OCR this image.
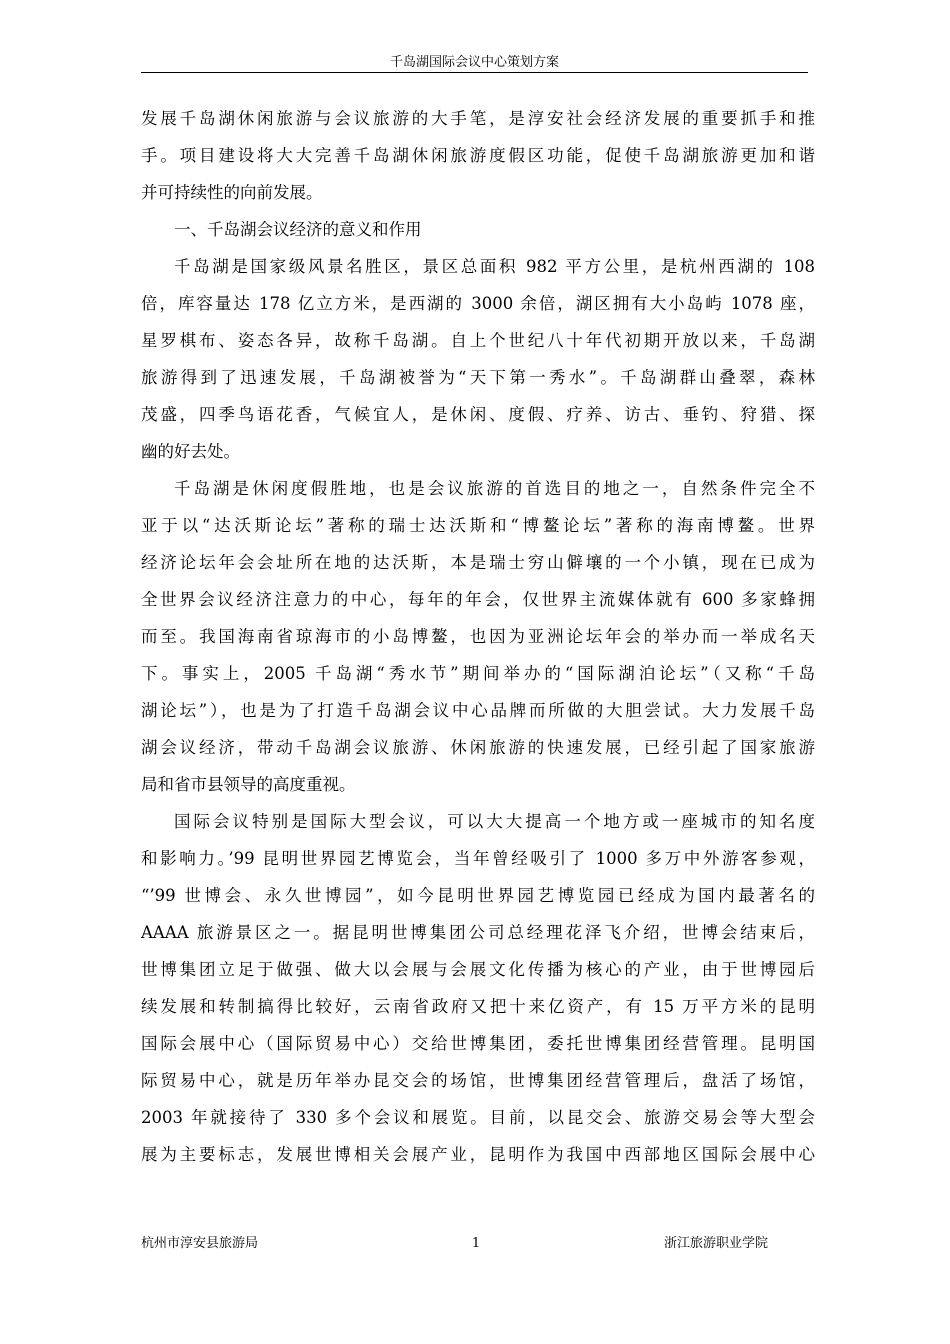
千岛湖国际会议中心策划方案
发展千岛湖休闲旅游与会议旅游的大手笔，是淳安社会经济发展的重要抓手和推
手。项目建设将大大完善千岛湖休闲旅游度假区功能，促使千岛湖旅游更加和谐
并可持续性的向前发展。
一、千岛湖会议经济的意义和作用
千岛湖是国家级风景名胜区，景区总面积 982 平方公里，是杭州西湖的 108
倍，库容量达 178 亿立方米，是西湖的 3000 余倍，湖区拥有大小岛屿 1078 座，
星罗棋布、姿态各异，故称千岛湖。自上个世纪八十年代初期开放以来，千岛湖
旅游得到了迅速发展，千岛湖被誉为“天下第一秀水”。千岛湖群山叠翠，森林
茂盛，四季鸟语花香，气候宜人，是休闲、度假、疗养、访古、垂钓、狩猎、探
幽的好去处。
千岛湖是休闲度假胜地，也是会议旅游的首选目的地之一，自然条件完全不
亚于以“达沃斯论坛”著称的瑞士达沃斯和“博鳌论坛”著称的海南博鳌。世界
经济论坛年会会址所在地的达沃斯，本是瑞士穷山僻壤的一个小镇，现在已成为
全世界会议经济注意力的中心，每年的年会，仅世界主流媒体就有 600 多家蜂拥
而至。我国海南省琼海市的小岛博鳌，也因为亚洲论坛年会的举办而一举成名天
下。事实上，2005 千岛湖“秀水节”期间举办的“国际湖泊论坛”（又称“千岛
湖论坛”），也是为了打造千岛湖会议中心品牌而所做的大胆尝试。大力发展千岛
湖会议经济，带动千岛湖会议旅游、休闲旅游的快速发展，已经引起了国家旅游
局和省市县领导的高度重视。
国际会议特别是国际大型会议，可以大大提高一个地方或一座城市的知名度
和影响力。’99 昆明世界园艺博览会，当年曾经吸引了 1000 多万中外游客参观，
“’99 世博会、永久世博园”，如今昆明世界园艺博览园已经成为国内最著名的
AAAA 旅游景区之一。据昆明世博集团公司总经理花泽飞介绍，世博会结束后，
世博集团立足于做强、做大以会展与会展文化传播为核心的产业，由于世博园后
续发展和转制搞得比较好，云南省政府又把十来亿资产，有 15 万平方米的昆明
国际会展中心（国际贸易中心）交给世博集团，委托世博集团经营管理。昆明国
际贸易中心，就是历年举办昆交会的场馆，世博集团经营管理后，盘活了场馆，
2003 年就接待了 330 多个会议和展览。目前，以昆交会、旅游交易会等大型会
展为主要标志，发展世博相关会展产业，昆明作为我国中西部地区国际会展中心
杭州市淳安县旅游局	1	浙江旅游职业学院
